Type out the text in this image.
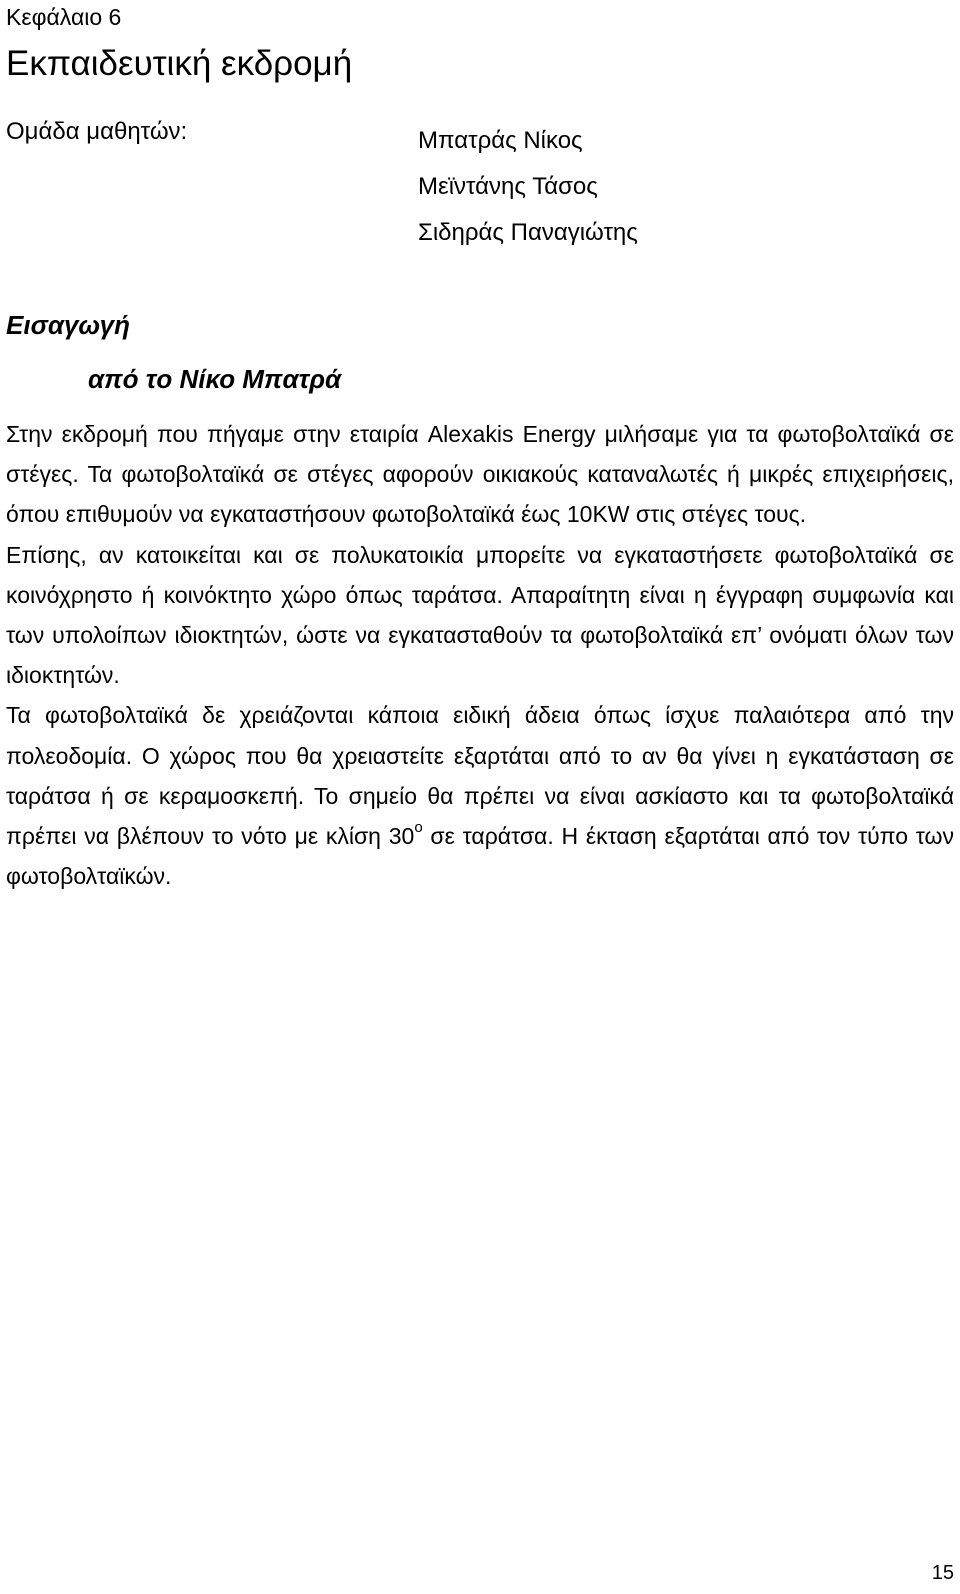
Κεφάλαιο 6
Εκπαιδευτική εκδρομή
Ομάδα μαθητών:	Μπατράς Νίκος
Μεϊντάνης Τάσος
Σιδηράς Παναγιώτης
Εισαγωγή
από το Νίκο Μπατρά

Στην εκδρομή που πήγαμε στην εταιρία Alexakis Energy μιλήσαμε για τα φωτοβολταϊκά σε στέγες. Τα φωτοβολταϊκά σε στέγες αφορούν οικιακούς καταναλωτές ή μικρές επιχειρήσεις, όπου επιθυμούν να εγκαταστήσουν φωτοβολταϊκά έως 10KW στις στέγες τους.

Επίσης, αν κατοικείται και σε πολυκατοικία μπορείτε να εγκαταστήσετε φωτοβολταϊκά σε κοινόχρηστο ή κοινόκτητο χώρο όπως ταράτσα. Απαραίτητη είναι η έγγραφη συμφωνία και των υπολοίπων ιδιοκτητών, ώστε να εγκατασταθούν τα φωτοβολταϊκά επ’ ονόματι όλων των ιδιοκτητών.

Τα φωτοβολταϊκά δε χρειάζονται κάποια ειδική άδεια όπως ίσχυε παλαιότερα από την πολεοδομία. Ο χώρος που θα χρειαστείτε εξαρτάται από το αν θα γίνει η εγκατάσταση σε ταράτσα ή σε κεραμοσκεπή. Το σημείο θα πρέπει να είναι ασκίαστο και τα φωτοβολταϊκά πρέπει να βλέπουν το νότο με κλίση $30^o$ σε ταράτσα. Η έκταση εξαρτάται από τον τύπο των φωτοβολταϊκών.

15
